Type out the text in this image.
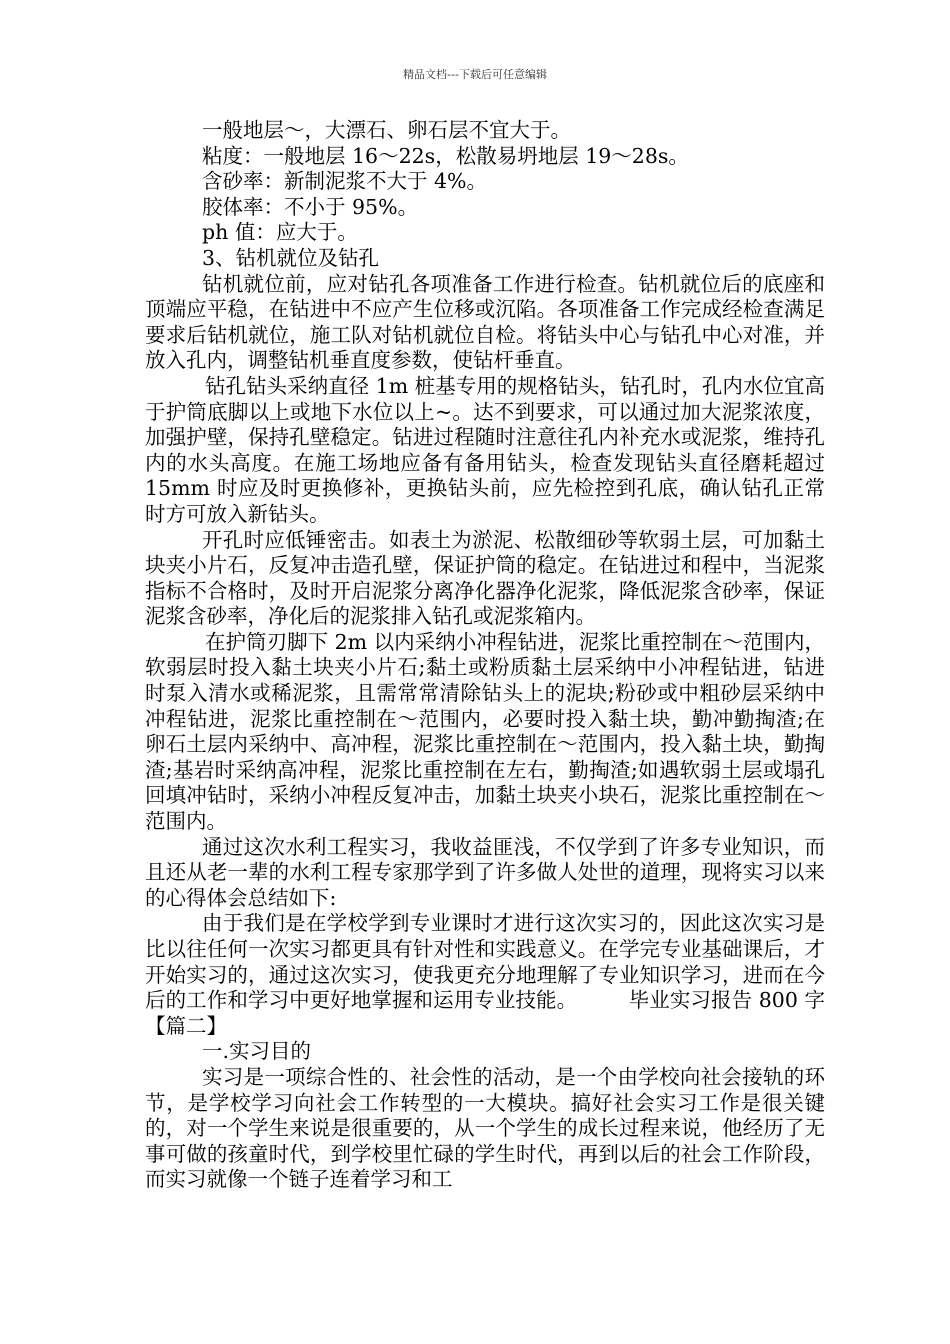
精品文档---下载后可任意编辑

一般地层～，大漂石、卵石层不宜大于。

粘度：一般地层 16～22s，松散易坍地层 19～28s。

含砂率：新制泥浆不大于 4%。

胶体率：不小于 95%。

ph 值：应大于。

3、钻机就位及钻孔

钻机就位前，应对钻孔各项准备工作进行检查。钻机就位后的底座和顶端应平稳，在钻进中不应产生位移或沉陷。各项准备工作完成经检查满足要求后钻机就位，施工队对钻机就位自检。将钻头中心与钻孔中心对准，并放入孔内，调整钻机垂直度参数，使钻杆垂直。

钻孔钻头采纳直径 1m 桩基专用的规格钻头，钻孔时，孔内水位宜高于护筒底脚以上或地下水位以上~。达不到要求，可以通过加大泥浆浓度，加强护壁，保持孔壁稳定。钻进过程随时注意往孔内补充水或泥浆，维持孔内的水头高度。在施工场地应备有备用钻头，检查发现钻头直径磨耗超过 15mm 时应及时更换修补，更换钻头前，应先检控到孔底，确认钻孔正常时方可放入新钻头。

开孔时应低锤密击。如表土为淤泥、松散细砂等软弱土层，可加黏土块夹小片石，反复冲击造孔壁，保证护筒的稳定。在钻进过和程中，当泥浆指标不合格时，及时开启泥浆分离净化器净化泥浆，降低泥浆含砂率，保证泥浆含砂率，净化后的泥浆排入钻孔或泥浆箱内。

在护筒刃脚下 2m 以内采纳小冲程钻进，泥浆比重控制在～范围内，软弱层时投入黏土块夹小片石;黏土或粉质黏土层采纳中小冲程钻进，钻进时泵入清水或稀泥浆，且需常常清除钻头上的泥块;粉砂或中粗砂层采纳中冲程钻进，泥浆比重控制在～范围内，必要时投入黏土块，勤冲勤掏渣;在卵石土层内采纳中、高冲程，泥浆比重控制在～范围内，投入黏土块，勤掏渣;基岩时采纳高冲程，泥浆比重控制在左右，勤掏渣;如遇软弱土层或塌孔回填冲钻时，采纳小冲程反复冲击，加黏土块夹小块石，泥浆比重控制在～范围内。

通过这次水利工程实习，我收益匪浅，不仅学到了许多专业知识，而且还从老一辈的水利工程专家那学到了许多做人处世的道理，现将实习以来的心得体会总结如下:

由于我们是在学校学到专业课时才进行这次实习的，因此这次实习是比以往任何一次实习都更具有针对性和实践意义。在学完专业基础课后，才开始实习的，通过这次实习，使我更充分地理解了专业知识学习，进而在今后的工作和学习中更好地掌握和运用专业技能。　　　毕业实习报告 800 字【篇二】

一.实习目的

实习是一项综合性的、社会性的活动，是一个由学校向社会接轨的环节，是学校学习向社会工作转型的一大模块。搞好社会实习工作是很关键的，对一个学生来说是很重要的，从一个学生的成长过程来说，他经历了无事可做的孩童时代，到学校里忙碌的学生时代，再到以后的社会工作阶段，而实习就像一个链子连着学习和工
